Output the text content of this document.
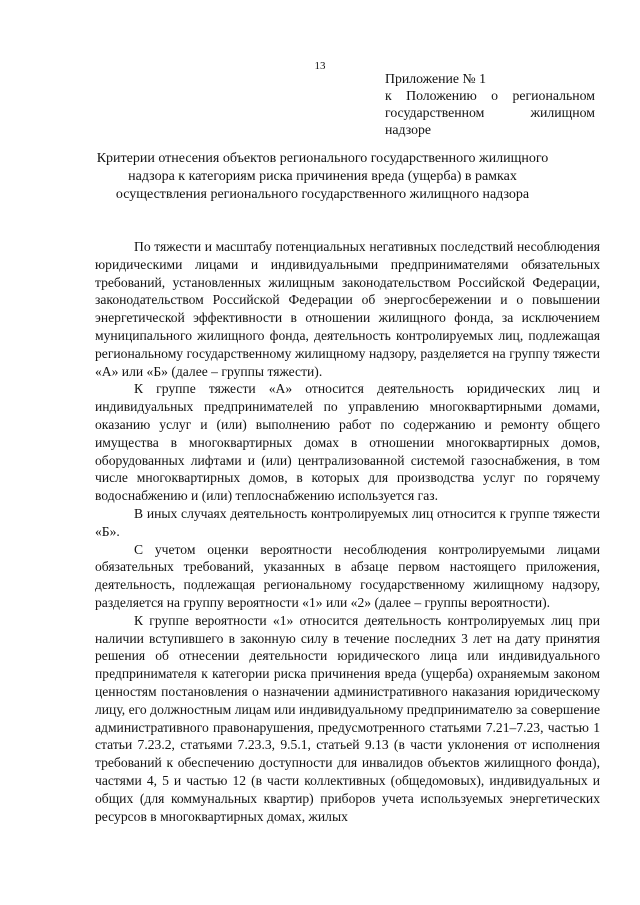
13
Приложение № 1
к Положению о региональном
государственном жилищном
надзоре
Критерии отнесения объектов регионального государственного жилищного надзора к категориям риска причинения вреда (ущерба) в рамках осуществления регионального государственного жилищного надзора

По тяжести и масштабу потенциальных негативных последствий несоблюдения юридическими лицами и индивидуальными предпринимателями обязательных требований, установленных жилищным законодательством Российской Федерации, законодательством Российской Федерации об энергосбережении и о повышении энергетической эффективности в отношении жилищного фонда, за исключением муниципального жилищного фонда, деятельность контролируемых лиц, подлежащая региональному государственному жилищному надзору, разделяется на группу тяжести «А» или «Б» (далее – группы тяжести).

К группе тяжести «А» относится деятельность юридических лиц и индивидуальных предпринимателей по управлению многоквартирными домами, оказанию услуг и (или) выполнению работ по содержанию и ремонту общего имущества в многоквартирных домах в отношении многоквартирных домов, оборудованных лифтами и (или) централизованной системой газоснабжения, в том числе многоквартирных домов, в которых для производства услуг по горячему водоснабжению и (или) теплоснабжению используется газ.

В иных случаях деятельность контролируемых лиц относится к группе тяжести «Б».

С учетом оценки вероятности несоблюдения контролируемыми лицами обязательных требований, указанных в абзаце первом настоящего приложения, деятельность, подлежащая региональному государственному жилищному надзору, разделяется на группу вероятности «1» или «2» (далее – группы вероятности).

К группе вероятности «1» относится деятельность контролируемых лиц при наличии вступившего в законную силу в течение последних 3 лет на дату принятия решения об отнесении деятельности юридического лица или индивидуального предпринимателя к категории риска причинения вреда (ущерба) охраняемым законом ценностям постановления о назначении административного наказания юридическому лицу, его должностным лицам или индивидуальному предпринимателю за совершение административного правонарушения, предусмотренного статьями 7.21–7.23, частью 1 статьи 7.23.2, статьями 7.23.3, 9.5.1, статьей 9.13 (в части уклонения от исполнения требований к обеспечению доступности для инвалидов объектов жилищного фонда), частями 4, 5 и частью 12 (в части коллективных (общедомовых), индивидуальных и общих (для коммунальных квартир) приборов учета используемых энергетических ресурсов в многоквартирных домах, жилых
